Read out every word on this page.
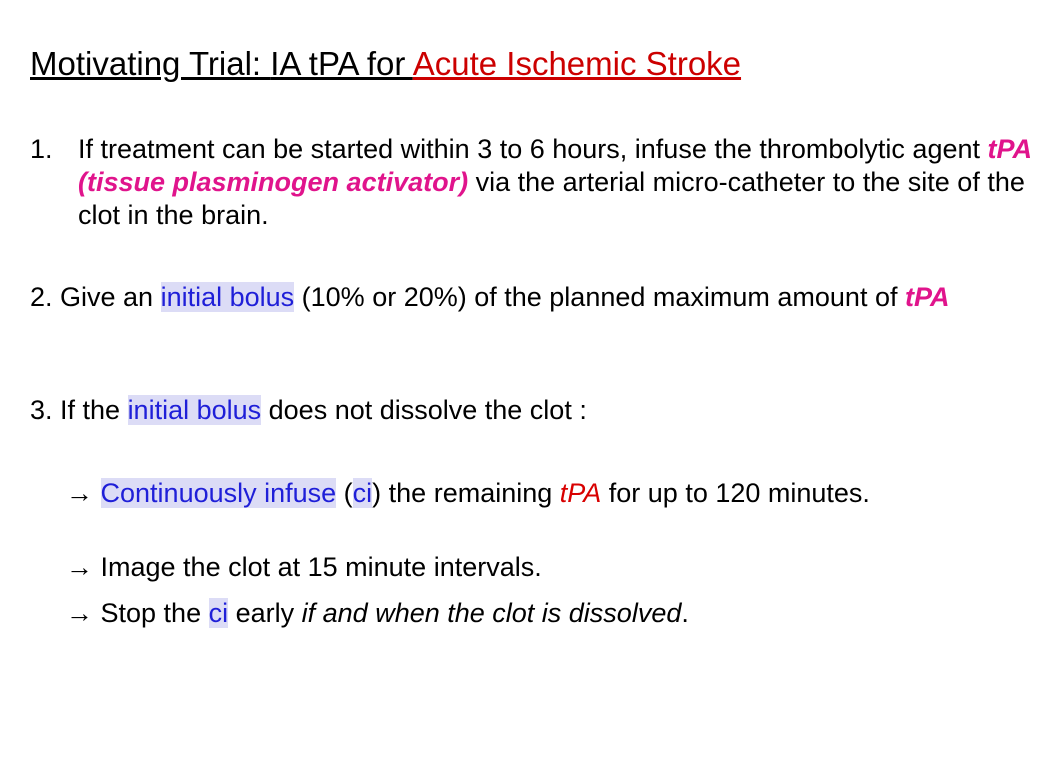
Motivating Trial: IA tPA for Acute Ischemic Stroke
1. If treatment can be started within 3 to 6 hours, infuse the thrombolytic agent tPA (tissue plasminogen activator) via the arterial micro-catheter to the site of the clot in the brain.
2. Give an initial bolus (10% or 20%) of the planned maximum amount of tPA
3. If the initial bolus does not dissolve the clot :
→ Continuously infuse (ci) the remaining tPA for up to 120 minutes.
→ Image the clot at 15 minute intervals.
→ Stop the ci early if and when the clot is dissolved.
